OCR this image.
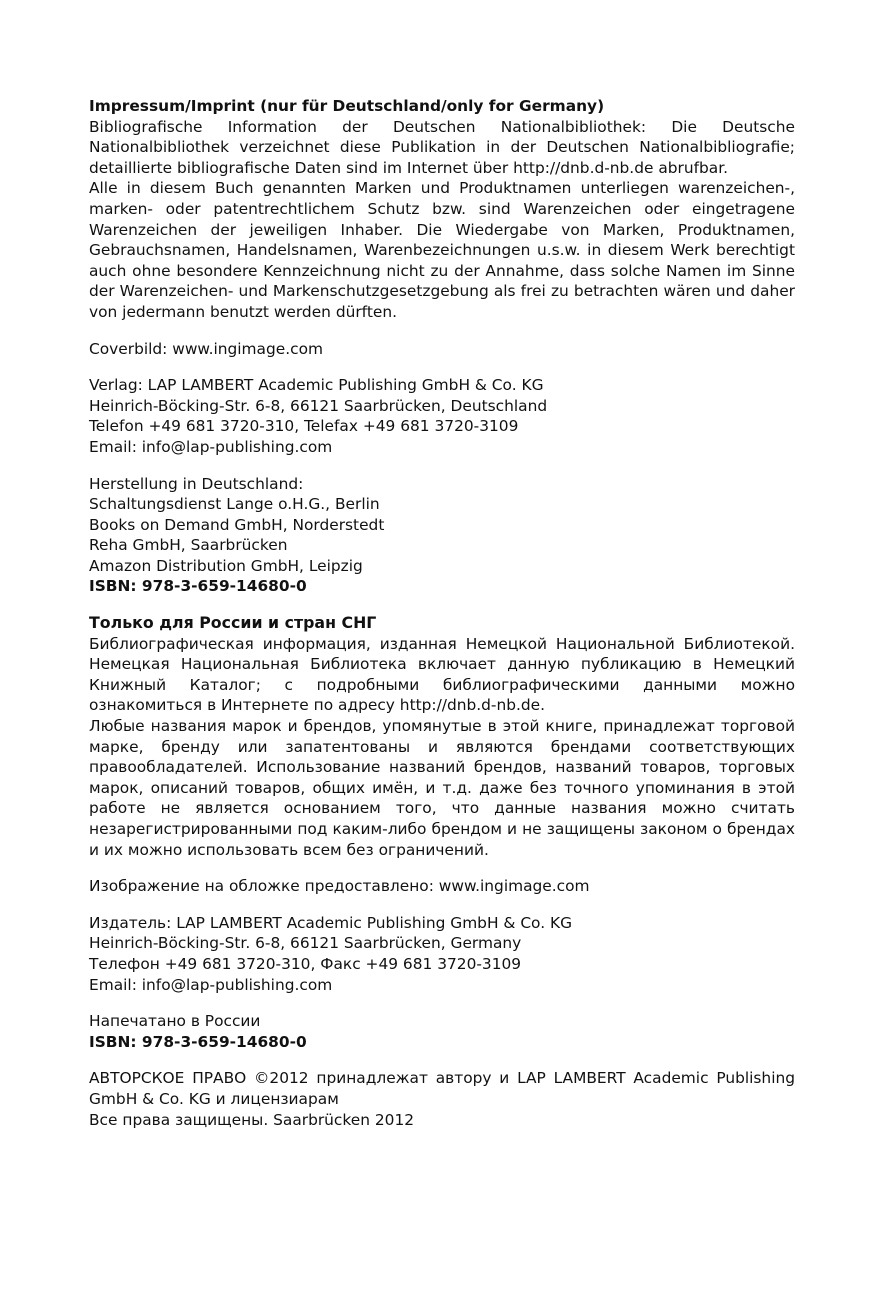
Impressum/Imprint (nur für Deutschland/only for Germany)
Bibliografische Information der Deutschen Nationalbibliothek: Die Deutsche Nationalbibliothek verzeichnet diese Publikation in der Deutschen Nationalbibliografie; detaillierte bibliografische Daten sind im Internet über http://dnb.d-nb.de abrufbar.
Alle in diesem Buch genannten Marken und Produktnamen unterliegen warenzeichen-, marken- oder patentrechtlichem Schutz bzw. sind Warenzeichen oder eingetragene Warenzeichen der jeweiligen Inhaber. Die Wiedergabe von Marken, Produktnamen, Gebrauchsnamen, Handelsnamen, Warenbezeichnungen u.s.w. in diesem Werk berechtigt auch ohne besondere Kennzeichnung nicht zu der Annahme, dass solche Namen im Sinne der Warenzeichen- und Markenschutzgesetzgebung als frei zu betrachten wären und daher von jedermann benutzt werden dürften.
Coverbild: www.ingimage.com
Verlag: LAP LAMBERT Academic Publishing GmbH & Co. KG
Heinrich-Böcking-Str. 6-8, 66121 Saarbrücken, Deutschland
Telefon +49 681 3720-310, Telefax +49 681 3720-3109
Email: info@lap-publishing.com
Herstellung in Deutschland:
Schaltungsdienst Lange o.H.G., Berlin
Books on Demand GmbH, Norderstedt
Reha GmbH, Saarbrücken
Amazon Distribution GmbH, Leipzig
ISBN: 978-3-659-14680-0
Только для России и стран СНГ
Библиографическая информация, изданная Немецкой Национальной Библиотекой. Немецкая Национальная Библиотека включает данную публикацию в Немецкий Книжный Каталог; с подробными библиографическими данными можно ознакомиться в Интернете по адресу http://dnb.d-nb.de.
Любые названия марок и брендов, упомянутые в этой книге, принадлежат торговой марке, бренду или запатентованы и являются брендами соответствующих правообладателей. Использование названий брендов, названий товаров, торговых марок, описаний товаров, общих имён, и т.д. даже без точного упоминания в этой работе не является основанием того, что данные названия можно считать незарегистрированными под каким-либо брендом и не защищены законом о брендах и их можно использовать всем без ограничений.
Изображение на обложке предоставлено: www.ingimage.com
Издатель: LAP LAMBERT Academic Publishing GmbH & Co. KG
Heinrich-Böcking-Str. 6-8, 66121 Saarbrücken, Germany
Телефон +49 681 3720-310, Факс +49 681 3720-3109
Email: info@lap-publishing.com
Напечатано в России
ISBN: 978-3-659-14680-0
АВТОРСКОЕ ПРАВО ©2012 принадлежат автору и LAP LAMBERT Academic Publishing GmbH & Co. KG и лицензиарам
Все права защищены. Saarbrücken 2012
